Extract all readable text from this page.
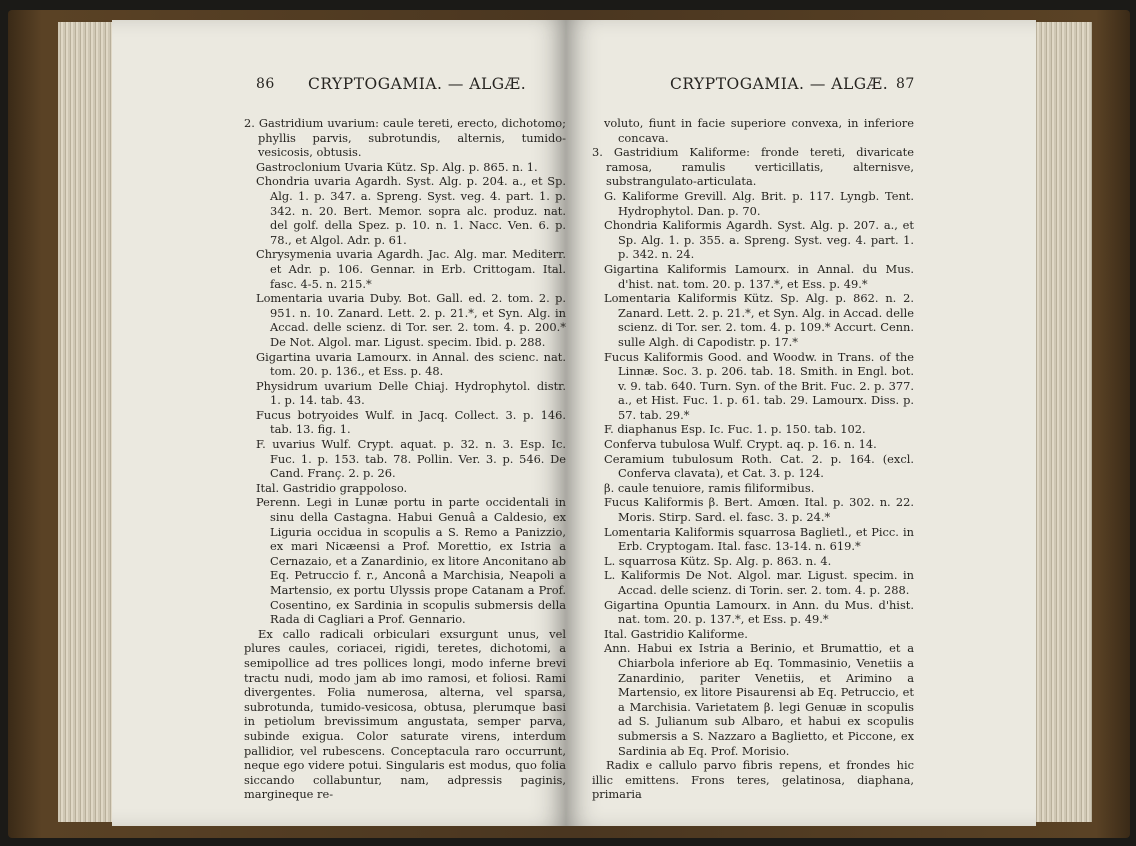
86 CRYPTOGAMIA. — ALGÆ.

2. Gastridium uvarium: caule tereti, erecto, dichotomo; phyllis parvis, subrotundis, alternis, tumido-vesicosis, obtusis.

Gastroclonium Uvaria Kütz. Sp. Alg. p. 865. n. 1.

Chondria uvaria Agardh. Syst. Alg. p. 204. a., et Sp. Alg. 1. p. 347. a. Spreng. Syst. veg. 4. part. 1. p. 342. n. 20. Bert. Memor. sopra alc. produz. nat. del golf. della Spez. p. 10. n. 1. Nacc. Ven. 6. p. 78., et Algol. Adr. p. 61.

Chrysymenia uvaria Agardh. Jac. Alg. mar. Mediterr. et Adr. p. 106. Gennar. in Erb. Crittogam. Ital. fasc. 4-5. n. 215.*

Lomentaria uvaria Duby. Bot. Gall. ed. 2. tom. 2. p. 951. n. 10. Zanard. Lett. 2. p. 21.*, et Syn. Alg. in Accad. delle scienz. di Tor. ser. 2. tom. 4. p. 200.* De Not. Algol. mar. Ligust. specim. Ibid. p. 288.

Gigartina uvaria Lamourx. in Annal. des scienc. nat. tom. 20. p. 136., et Ess. p. 48.

Physidrum uvarium Delle Chiaj. Hydrophytol. distr. 1. p. 14. tab. 43.

Fucus botryoides Wulf. in Jacq. Collect. 3. p. 146. tab. 13. fig. 1.

F. uvarius Wulf. Crypt. aquat. p. 32. n. 3. Esp. Ic. Fuc. 1. p. 153. tab. 78. Pollin. Ver. 3. p. 546. De Cand. Franç. 2. p. 26.

Ital. Gastridio grappoloso.

Perenn. Legi in Lunæ portu in parte occidentali in sinu della Castagna. Habui Genuâ a Caldesio, ex Liguria occidua in scopulis a S. Remo a Panizzio, ex mari Nicæensi a Prof. Morettio, ex Istria a Cernazaio, et a Zanardinio, ex litore Anconitano ab Eq. Petruccio f. r., Anconâ a Marchisia, Neapoli a Martensio, ex portu Ulyssis prope Catanam a Prof. Cosentino, ex Sardinia in scopulis submersis della Rada di Cagliari a Prof. Gennario.

Ex callo radicali orbiculari exsurgunt unus, vel plures caules, coriacei, rigidi, teretes, dichotomi, a semipollice ad tres pollices longi, modo inferne brevi tractu nudi, modo jam ab imo ramosi, et foliosi. Rami divergentes. Folia numerosa, alterna, vel sparsa, subrotunda, tumido-vesicosa, obtusa, plerumque basi in petiolum brevissimum angustata, semper parva, subinde exigua. Color saturate virens, interdum pallidior, vel rubescens. Conceptacula raro occurrunt, neque ego videre potui. Singularis est modus, quo folia siccando collabuntur, nam, adpressis paginis, margineque re-

CRYPTOGAMIA. — ALGÆ. 87

voluto, fiunt in facie superiore convexa, in inferiore concava.

3. Gastridium Kaliforme: fronde tereti, divaricate ramosa, ramulis verticillatis, alternisve, substrangulato-articulata.

G. Kaliforme Grevill. Alg. Brit. p. 117. Lyngb. Tent. Hydrophytol. Dan. p. 70.

Chondria Kaliformis Agardh. Syst. Alg. p. 207. a., et Sp. Alg. 1. p. 355. a. Spreng. Syst. veg. 4. part. 1. p. 342. n. 24.

Gigartina Kaliformis Lamourx. in Annal. du Mus. d'hist. nat. tom. 20. p. 137.*, et Ess. p. 49.*

Lomentaria Kaliformis Kütz. Sp. Alg. p. 862. n. 2. Zanard. Lett. 2. p. 21.*, et Syn. Alg. in Accad. delle scienz. di Tor. ser. 2. tom. 4. p. 109.* Accurt. Cenn. sulle Algh. di Capodistr. p. 17.*

Fucus Kaliformis Good. and Woodw. in Trans. of the Linnæ. Soc. 3. p. 206. tab. 18. Smith. in Engl. bot. v. 9. tab. 640. Turn. Syn. of the Brit. Fuc. 2. p. 377. a., et Hist. Fuc. 1. p. 61. tab. 29. Lamourx. Diss. p. 57. tab. 29.*

F. diaphanus Esp. Ic. Fuc. 1. p. 150. tab. 102.

Conferva tubulosa Wulf. Crypt. aq. p. 16. n. 14.

Ceramium tubulosum Roth. Cat. 2. p. 164. (excl. Conferva clavata), et Cat. 3. p. 124.

β. caule tenuiore, ramis filiformibus.

Fucus Kaliformis β. Bert. Amœn. Ital. p. 302. n. 22. Moris. Stirp. Sard. el. fasc. 3. p. 24.*

Lomentaria Kaliformis squarrosa Baglietl., et Picc. in Erb. Cryptogam. Ital. fasc. 13-14. n. 619.*

L. squarrosa Kütz. Sp. Alg. p. 863. n. 4.

L. Kaliformis De Not. Algol. mar. Ligust. specim. in Accad. delle scienz. di Torin. ser. 2. tom. 4. p. 288.

Gigartina Opuntia Lamourx. in Ann. du Mus. d'hist. nat. tom. 20. p. 137.*, et Ess. p. 49.*

Ital. Gastridio Kaliforme.

Ann. Habui ex Istria a Berinio, et Brumattio, et a Chiarbola inferiore ab Eq. Tommasinio, Venetiis a Zanardinio, pariter Venetiis, et Arimino a Martensio, ex litore Pisaurensi ab Eq. Petruccio, et a Marchisia. Varietatem β. legi Genuæ in scopulis ad S. Julianum sub Albaro, et habui ex scopulis submersis a S. Nazzaro a Baglietto, et Piccone, ex Sardinia ab Eq. Prof. Morisio.

Radix e callulo parvo fibris repens, et frondes hic illic emittens. Frons teres, gelatinosa, diaphana, primaria
